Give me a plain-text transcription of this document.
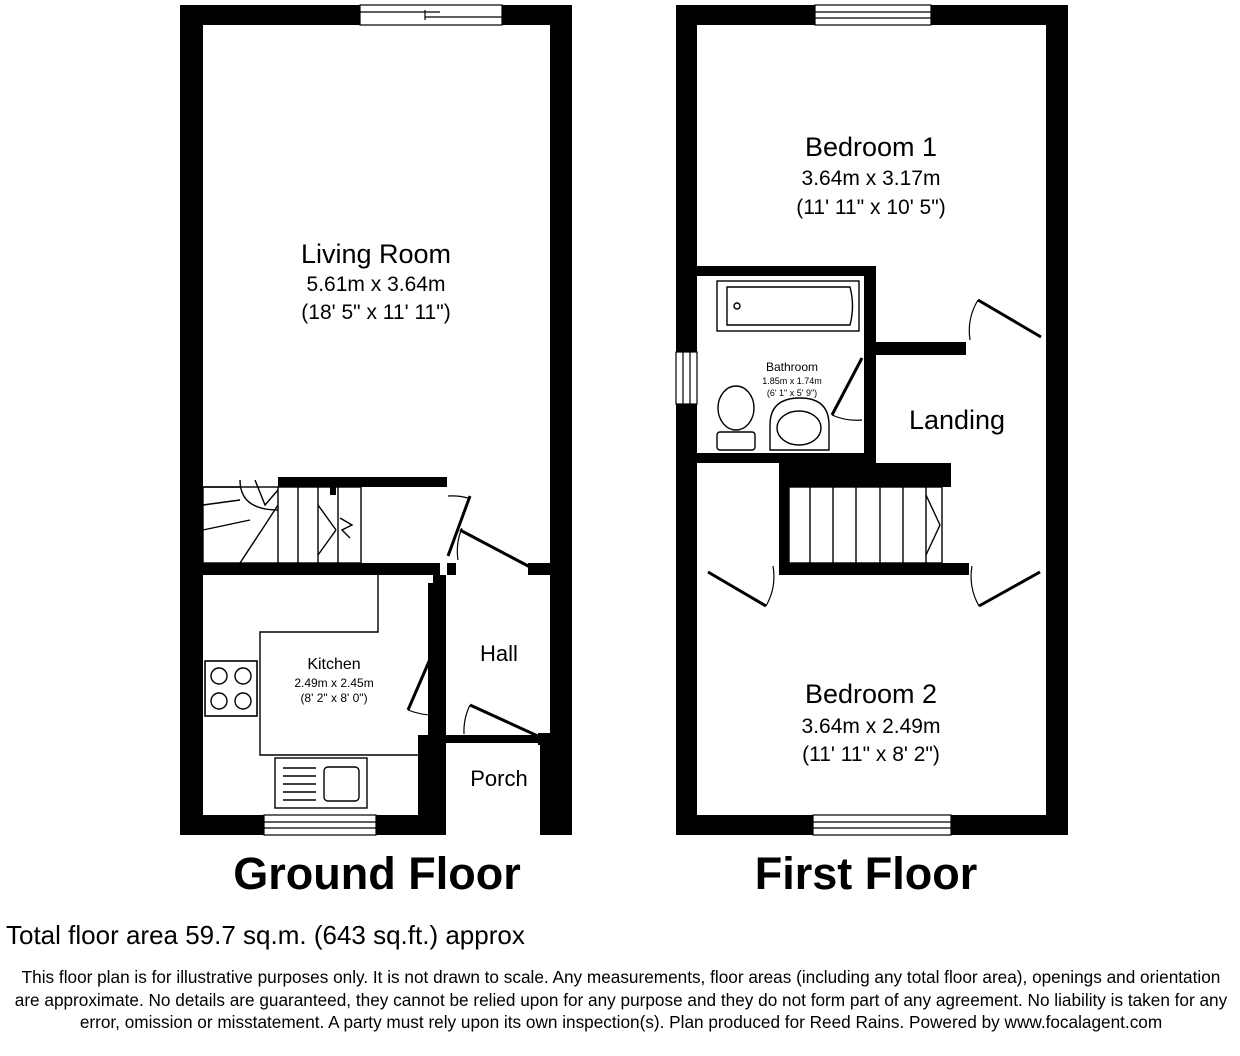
Living Room
5.61m x 3.64m
(18' 5" x 11' 11")
Kitchen
2.49m x 2.45m
(8' 2" x 8' 0")
Hall
Porch
Ground Floor
Bedroom 1
3.64m x 3.17m
(11' 11" x 10' 5")
Bathroom
1.85m x 1.74m
(6' 1" x 5' 9")
Landing
Bedroom 2
3.64m x 2.49m
(11' 11" x 8' 2")
First Floor
Total floor area 59.7 sq.m. (643 sq.ft.) approx
This floor plan is for illustrative purposes only. It is not drawn to scale. Any measurements, floor areas (including any total floor area), openings and orientation are approximate. No details are guaranteed, they cannot be relied upon for any purpose and they do not form part of any agreement. No liability is taken for any error, omission or misstatement. A party must rely upon its own inspection(s). Plan produced for Reed Rains. Powered by www.focalagent.com
